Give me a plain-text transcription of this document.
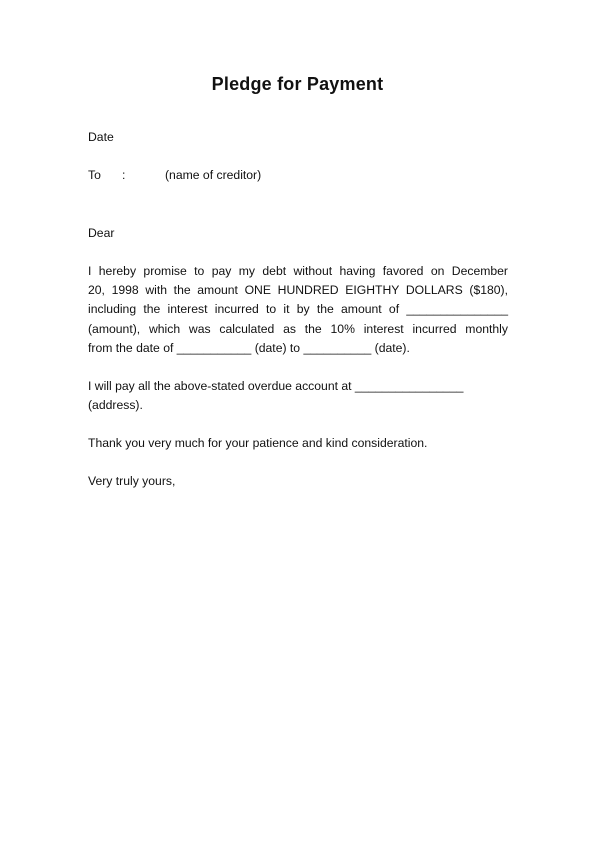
Pledge for Payment
Date
To :	(name of creditor)
Dear
I hereby promise to pay my debt without having favored on December
20, 1998 with the amount ONE HUNDRED EIGHTHY DOLLARS ($180),
including the interest incurred to it by the amount of _______________
(amount), which was calculated as the 10% interest incurred monthly
from the date of ___________ (date) to __________ (date).
I will pay all the above-stated overdue account at ________________
(address).
Thank you very much for your patience and kind consideration.
Very truly yours,
